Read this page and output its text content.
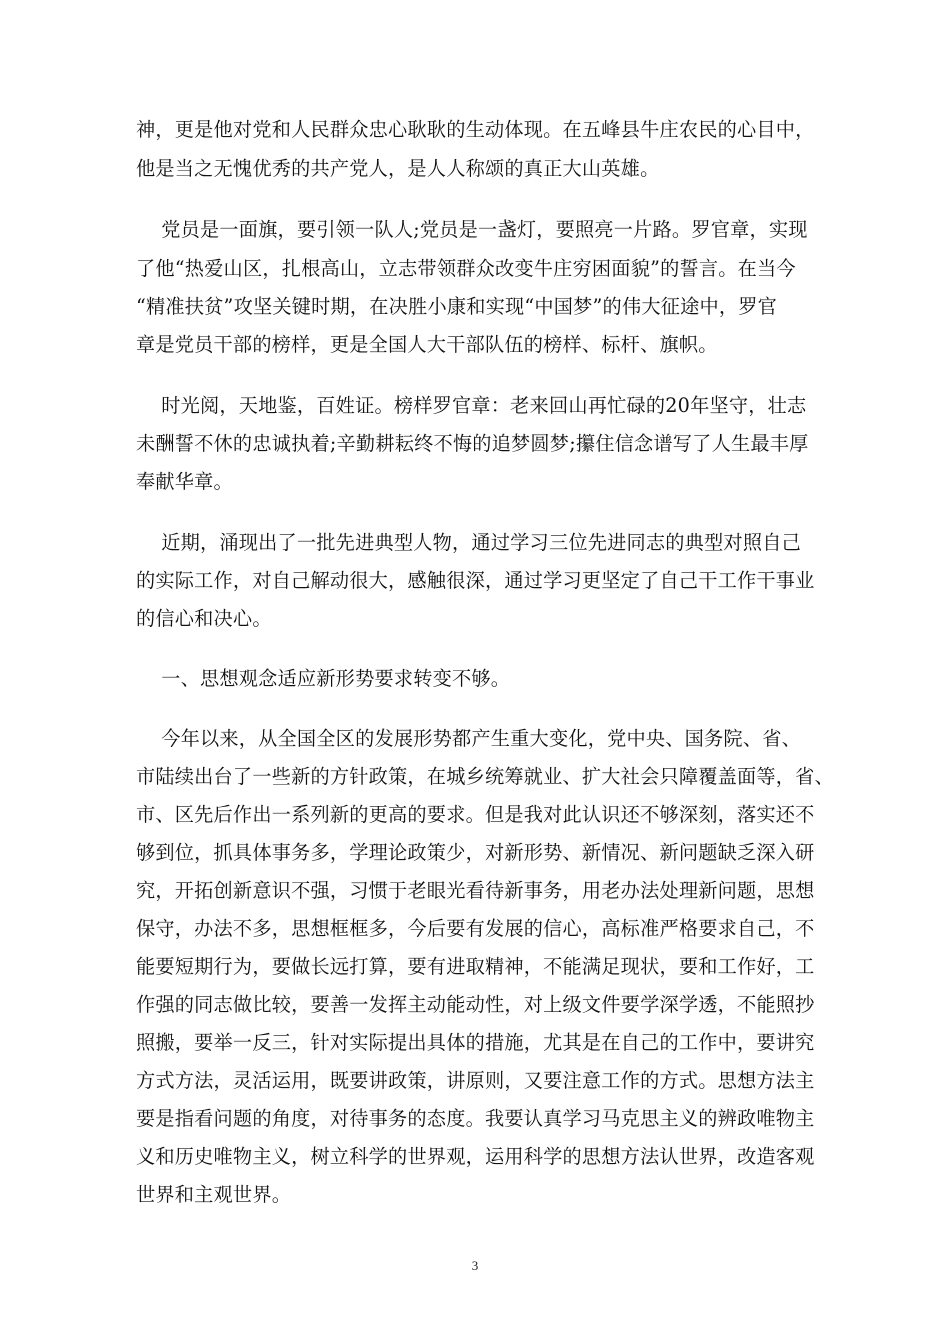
神，更是他对党和人民群众忠心耿耿的生动体现。在五峰县牛庄农民的心目中，
他是当之无愧优秀的共产党人，是人人称颂的真正大山英雄。
党员是一面旗，要引领一队人;党员是一盏灯，要照亮一片路。罗官章，实现
了他“热爱山区，扎根高山，立志带领群众改变牛庄穷困面貌”的誓言。在当今
“精准扶贫”攻坚关键时期，在决胜小康和实现“中国梦”的伟大征途中，罗官
章是党员干部的榜样，更是全国人大干部队伍的榜样、标杆、旗帜。
时光阅，天地鉴，百姓证。榜样罗官章：老来回山再忙碌的20年坚守，壮志
未酬誓不休的忠诚执着;辛勤耕耘终不悔的追梦圆梦;攥住信念谱写了人生最丰厚
奉献华章。
近期，涌现出了一批先进典型人物，通过学习三位先进同志的典型对照自己
的实际工作，对自己解动很大，感触很深，通过学习更坚定了自己干工作干事业
的信心和决心。
一、思想观念适应新形势要求转变不够。
今年以来，从全国全区的发展形势都产生重大变化，党中央、国务院、省、
市陆续出台了一些新的方针政策，在城乡统筹就业、扩大社会只障覆盖面等，省、
市、区先后作出一系列新的更高的要求。但是我对此认识还不够深刻，落实还不
够到位，抓具体事务多，学理论政策少，对新形势、新情况、新问题缺乏深入研
究，开拓创新意识不强，习惯于老眼光看待新事务，用老办法处理新问题，思想
保守，办法不多，思想框框多，今后要有发展的信心，高标准严格要求自己，不
能要短期行为，要做长远打算，要有进取精神，不能满足现状，要和工作好，工
作强的同志做比较，要善一发挥主动能动性，对上级文件要学深学透，不能照抄
照搬，要举一反三，针对实际提出具体的措施，尤其是在自己的工作中，要讲究
方式方法，灵活运用，既要讲政策，讲原则，又要注意工作的方式。思想方法主
要是指看问题的角度，对待事务的态度。我要认真学习马克思主义的辨政唯物主
义和历史唯物主义，树立科学的世界观，运用科学的思想方法认世界，改造客观
世界和主观世界。
3
